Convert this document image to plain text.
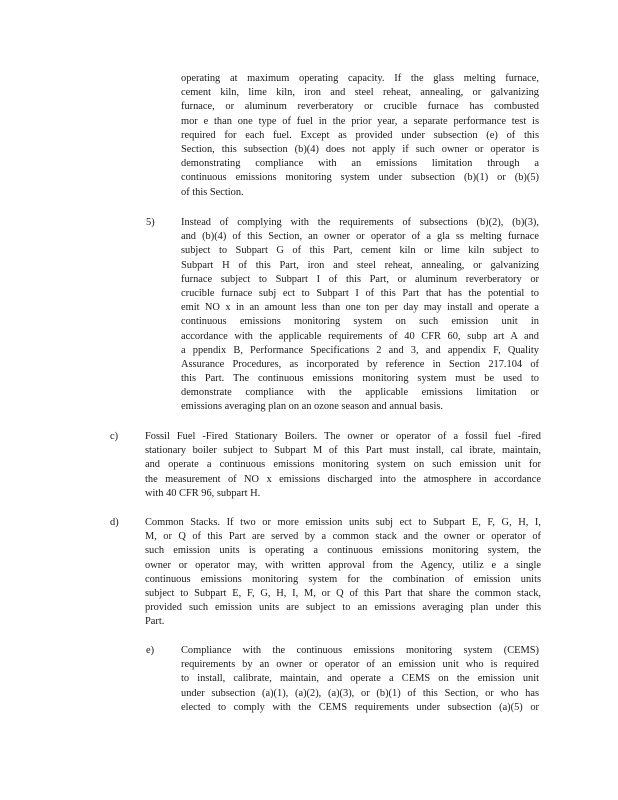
operating at maximum operating capacity. If the glass melting furnace,
cement kiln, lime kiln, iron and steel reheat, annealing, or galvanizing
furnace, or aluminum reverberatory or crucible furnace has combusted
mor e than one type of fuel in the prior year, a separate performance test is
required for each fuel. Except as provided under subsection (e) of this
Section, this subsection (b)(4) does not apply if such owner or operator is
demonstrating compliance with an emissions limitation through a
continuous emissions monitoring system under subsection (b)(1) or (b)(5)
of this Section.
5)	Instead of complying with the requirements of subsections (b)(2), (b)(3),
and (b)(4) of this Section, an owner or operator of a gla ss melting furnace
subject to Subpart G of this Part, cement kiln or lime kiln subject to
Subpart H of this Part, iron and steel reheat, annealing, or galvanizing
furnace subject to Subpart I of this Part, or aluminum reverberatory or
crucible furnace subj ect to Subpart I of this Part that has the potential to
emit NO x in an amount less than one ton per day may install and operate a
continuous emissions monitoring system on such emission unit in
accordance with the applicable requirements of 40 CFR 60, subp art A and
a ppendix B, Performance Specifications 2 and 3, and appendix F, Quality
Assurance Procedures, as incorporated by reference in Section 217.104 of
this Part. The continuous emissions monitoring system must be used to
demonstrate compliance with the applicable emissions limitation or
emissions averaging plan on an ozone season and annual basis.
c)	Fossil Fuel -Fired Stationary Boilers. The owner or operator of a fossil fuel -fired
stationary boiler subject to Subpart M of this Part must install, cal ibrate, maintain,
and operate a continuous emissions monitoring system on such emission unit for
the measurement of NO x emissions discharged into the atmosphere in accordance
with 40 CFR 96, subpart H.
d)	Common Stacks. If two or more emission units subj ect to Subpart E, F, G, H, I,
M, or Q of this Part are served by a common stack and the owner or operator of
such emission units is operating a continuous emissions monitoring system, the
owner or operator may, with written approval from the Agency, utiliz e a single
continuous emissions monitoring system for the combination of emission units
subject to Subpart E, F, G, H, I, M, or Q of this Part that share the common stack,
provided such emission units are subject to an emissions averaging plan under this
Part.
e)	Compliance with the continuous emissions monitoring system (CEMS)
requirements by an owner or operator of an emission unit who is required
to install, calibrate, maintain, and operate a CEMS on the emission unit
under subsection (a)(1), (a)(2), (a)(3), or (b)(1) of this Section, or who has
elected to comply with the CEMS requirements under subsection (a)(5) or
